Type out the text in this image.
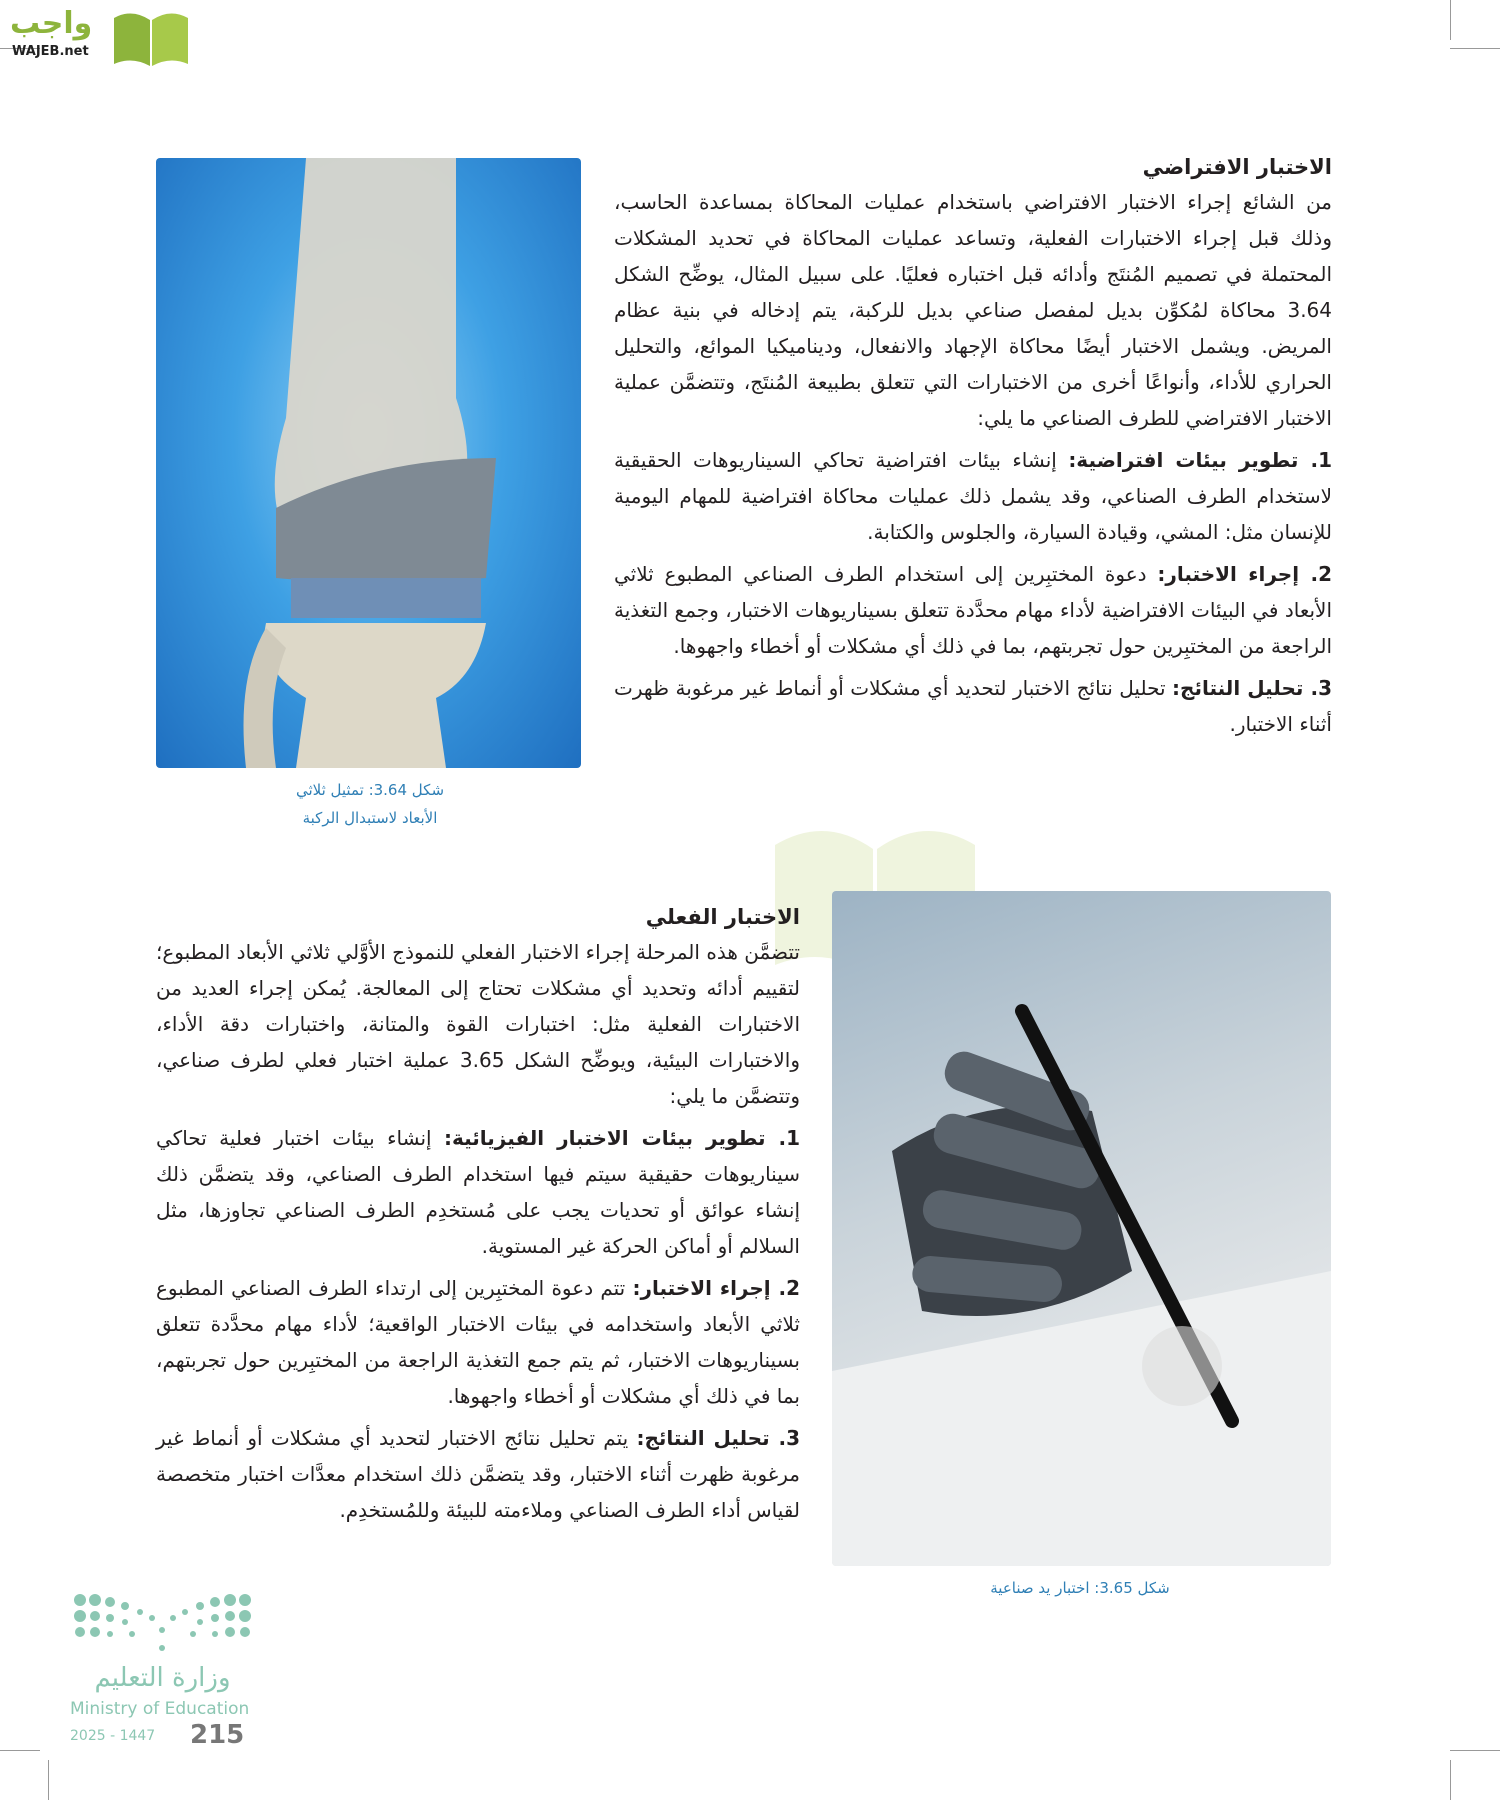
واجب
WAJEB.net
شكل 3.64: تمثيل ثلاثي
الأبعاد لاستبدال الركبة
الاختبار الافتراضي

من الشائع إجراء الاختبار الافتراضي باستخدام عمليات المحاكاة بمساعدة الحاسب، وذلك قبل إجراء الاختبارات الفعلية، وتساعد عمليات المحاكاة في تحديد المشكلات المحتملة في تصميم المُنتَج وأدائه قبل اختباره فعليًا. على سبيل المثال، يوضِّح الشكل 3.64 محاكاة لمُكوِّن بديل لمفصل صناعي بديل للركبة، يتم إدخاله في بنية عظام المريض. ويشمل الاختبار أيضًا محاكاة الإجهاد والانفعال، وديناميكيا الموائع، والتحليل الحراري للأداء، وأنواعًا أخرى من الاختبارات التي تتعلق بطبيعة المُنتَج، وتتضمَّن عملية الاختبار الافتراضي للطرف الصناعي ما يلي:

1. تطوير بيئات افتراضية: إنشاء بيئات افتراضية تحاكي السيناريوهات الحقيقية لاستخدام الطرف الصناعي، وقد يشمل ذلك عمليات محاكاة افتراضية للمهام اليومية للإنسان مثل: المشي، وقيادة السيارة، والجلوس والكتابة.

2. إجراء الاختبار: دعوة المختبِرين إلى استخدام الطرف الصناعي المطبوع ثلاثي الأبعاد في البيئات الافتراضية لأداء مهام محدَّدة تتعلق بسيناريوهات الاختبار، وجمع التغذية الراجعة من المختبِرين حول تجربتهم، بما في ذلك أي مشكلات أو أخطاء واجهوها.

3. تحليل النتائج: تحليل نتائج الاختبار لتحديد أي مشكلات أو أنماط غير مرغوبة ظهرت أثناء الاختبار.

شكل 3.65: اختبار يد صناعية
الاختبار الفعلي

تتضمَّن هذه المرحلة إجراء الاختبار الفعلي للنموذج الأوَّلي ثلاثي الأبعاد المطبوع؛ لتقييم أدائه وتحديد أي مشكلات تحتاج إلى المعالجة. يُمكن إجراء العديد من الاختبارات الفعلية مثل: اختبارات القوة والمتانة، واختبارات دقة الأداء، والاختبارات البيئية، ويوضِّح الشكل 3.65 عملية اختبار فعلي لطرف صناعي، وتتضمَّن ما يلي:

1. تطوير بيئات الاختبار الفيزيائية: إنشاء بيئات اختبار فعلية تحاكي سيناريوهات حقيقية سيتم فيها استخدام الطرف الصناعي، وقد يتضمَّن ذلك إنشاء عوائق أو تحديات يجب على مُستخدِم الطرف الصناعي تجاوزها، مثل السلالم أو أماكن الحركة غير المستوية.

2. إجراء الاختبار: تتم دعوة المختبِرين إلى ارتداء الطرف الصناعي المطبوع ثلاثي الأبعاد واستخدامه في بيئات الاختبار الواقعية؛ لأداء مهام محدَّدة تتعلق بسيناريوهات الاختبار، ثم يتم جمع التغذية الراجعة من المختبِرين حول تجربتهم، بما في ذلك أي مشكلات أو أخطاء واجهوها.

3. تحليل النتائج: يتم تحليل نتائج الاختبار لتحديد أي مشكلات أو أنماط غير مرغوبة ظهرت أثناء الاختبار، وقد يتضمَّن ذلك استخدام معدَّات اختبار متخصصة لقياس أداء الطرف الصناعي وملاءمته للبيئة وللمُستخدِم.

وزارة التعليم
Ministry of Education
2025 - 1447 215
